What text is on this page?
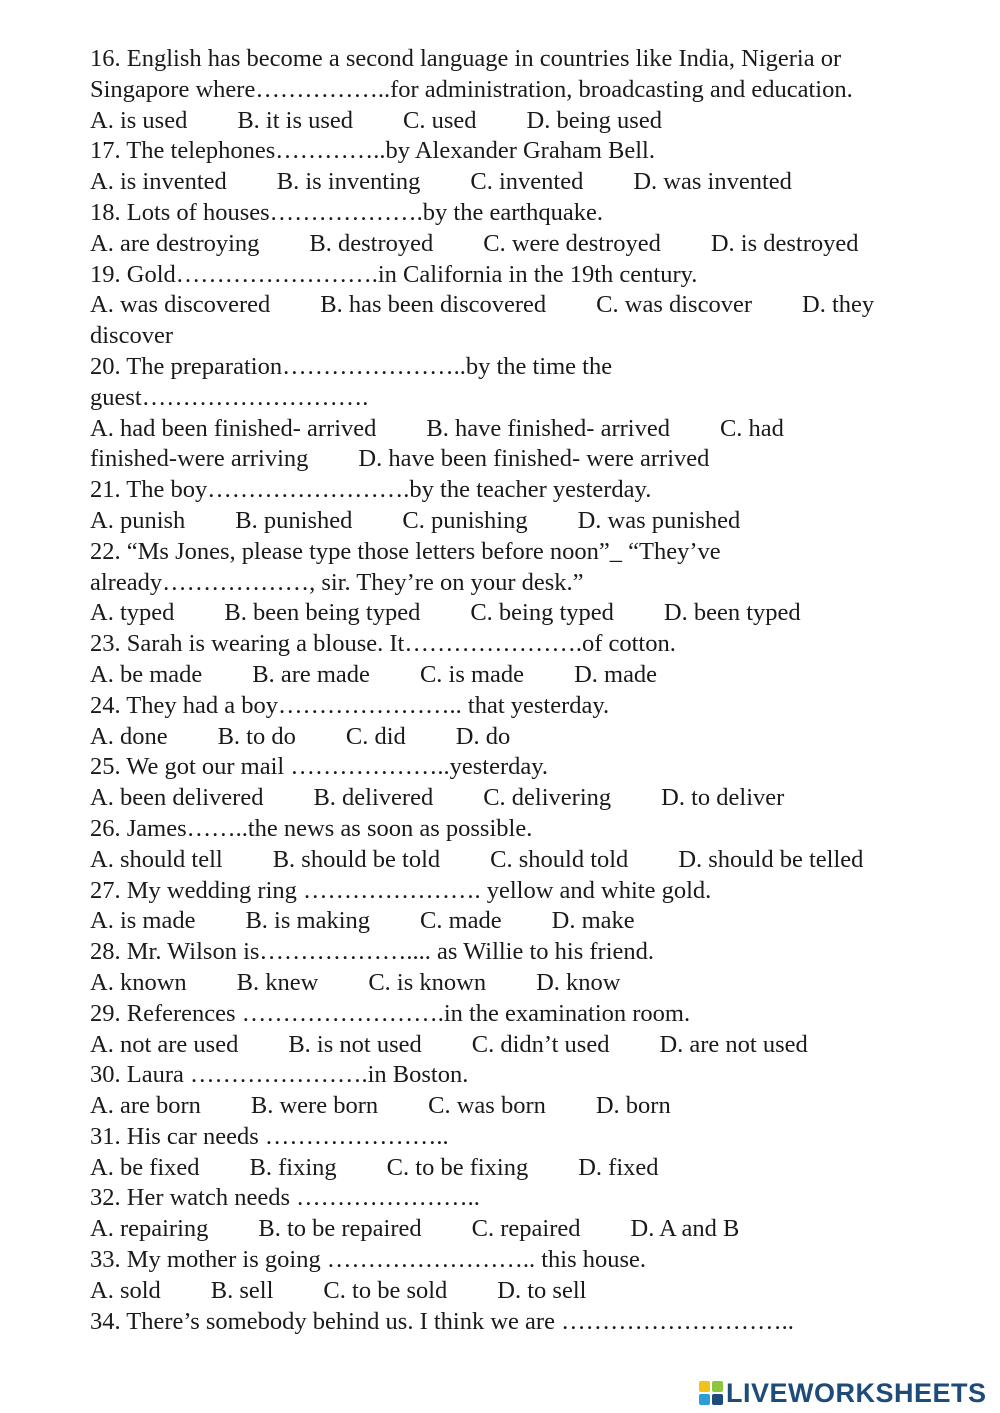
16. English has become a second language in countries like India, Nigeria or
Singapore where……………..for administration, broadcasting and education.
A. is used B. it is used C. used D. being used
17. The telephones…………..by Alexander Graham Bell.
A. is invented B. is inventing C. invented D. was invented
18. Lots of houses……………….by the earthquake.
A. are destroying B. destroyed C. were destroyed D. is destroyed
19. Gold…………………….in California in the 19th century.
A. was discovered B. has been discovered C. was discover D. they
discover
20. The preparation…………………..by the time the
guest……………………….
A. had been finished- arrived B. have finished- arrived C. had
finished-were arriving D. have been finished- were arrived
21. The boy…………………….by the teacher yesterday.
A. punish B. punished C. punishing D. was punished
22. “Ms Jones, please type those letters before noon”_ “They’ve
already………………, sir. They’re on your desk.”
A. typed B. been being typed C. being typed D. been typed
23. Sarah is wearing a blouse. It………………….of cotton.
A. be made B. are made C. is made D. made
24. They had a boy………………….. that yesterday.
A. done B. to do C. did D. do
25. We got our mail ………………..yesterday.
A. been delivered B. delivered C. delivering D. to deliver
26. James……..the news as soon as possible.
A. should tell B. should be told C. should told D. should be telled
27. My wedding ring …………………. yellow and white gold.
A. is made B. is making C. made D. make
28. Mr. Wilson is……………….... as Willie to his friend.
A. known B. knew C. is known D. know
29. References …………………….in the examination room.
A. not are used B. is not used C. didn’t used D. are not used
30. Laura ………………….in Boston.
A. are born B. were born C. was born D. born
31. His car needs …………………..
A. be fixed B. fixing C. to be fixing D. fixed
32. Her watch needs …………………..
A. repairing B. to be repaired C. repaired D. A and B
33. My mother is going …………………….. this house.
A. sold B. sell C. to be sold D. to sell
34. There’s somebody behind us. I think we are ………………………..
LIVEWORKSHEETS
